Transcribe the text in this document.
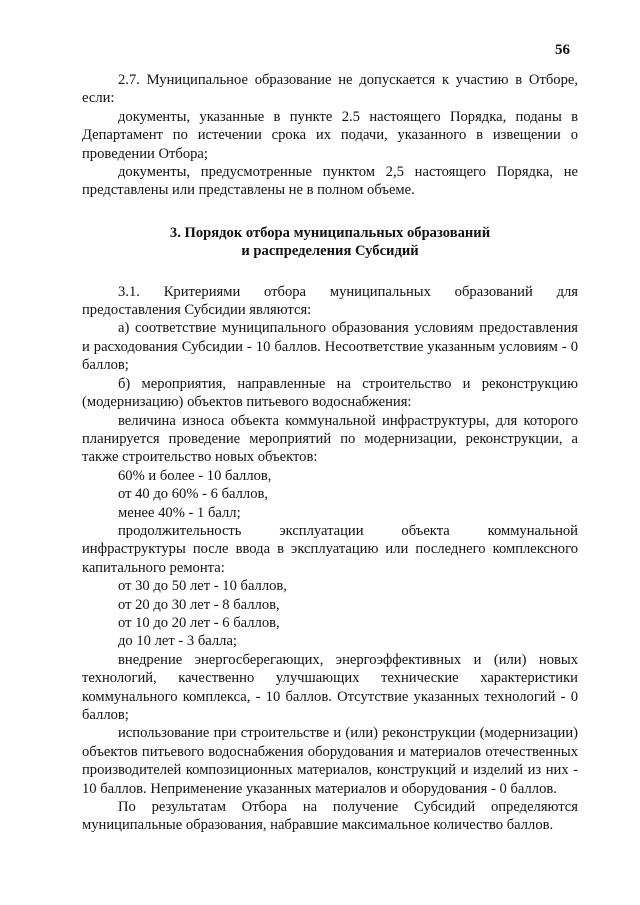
56

2.7. Муниципальное образование не допускается к участию в Отборе, если:

документы, указанные в пункте 2.5 настоящего Порядка, поданы в Департамент по истечении срока их подачи, указанного в извещении о проведении Отбора;

документы, предусмотренные пунктом 2,5 настоящего Порядка, не представлены или представлены не в полном объеме.

3. Порядок отбора муниципальных образований
и распределения Субсидий

3.1. Критериями отбора муниципальных образований для предоставления Субсидии являются:

а) соответствие муниципального образования условиям предоставления и расходования Субсидии - 10 баллов. Несоответствие указанным условиям - 0 баллов;

б) мероприятия, направленные на строительство и реконструкцию (модернизацию) объектов питьевого водоснабжения:

величина износа объекта коммунальной инфраструктуры, для которого планируется проведение мероприятий по модернизации, реконструкции, а также строительство новых объектов:

60% и более - 10 баллов,

от 40 до 60% - 6 баллов,

менее 40% - 1 балл;

продолжительность эксплуатации объекта коммунальной инфраструктуры после ввода в эксплуатацию или последнего комплексного капитального ремонта:

от 30 до 50 лет - 10 баллов,

от 20 до 30 лет - 8 баллов,

от 10 до 20 лет - 6 баллов,

до 10 лет - 3 балла;

внедрение энергосберегающих, энергоэффективных и (или) новых технологий, качественно улучшающих технические характеристики коммунального комплекса, - 10 баллов. Отсутствие указанных технологий - 0 баллов;

использование при строительстве и (или) реконструкции (модернизации) объектов питьевого водоснабжения оборудования и материалов отечественных производителей композиционных материалов, конструкций и изделий из них - 10 баллов. Неприменение указанных материалов и оборудования - 0 баллов.

По результатам Отбора на получение Субсидий определяются муниципальные образования, набравшие максимальное количество баллов.
